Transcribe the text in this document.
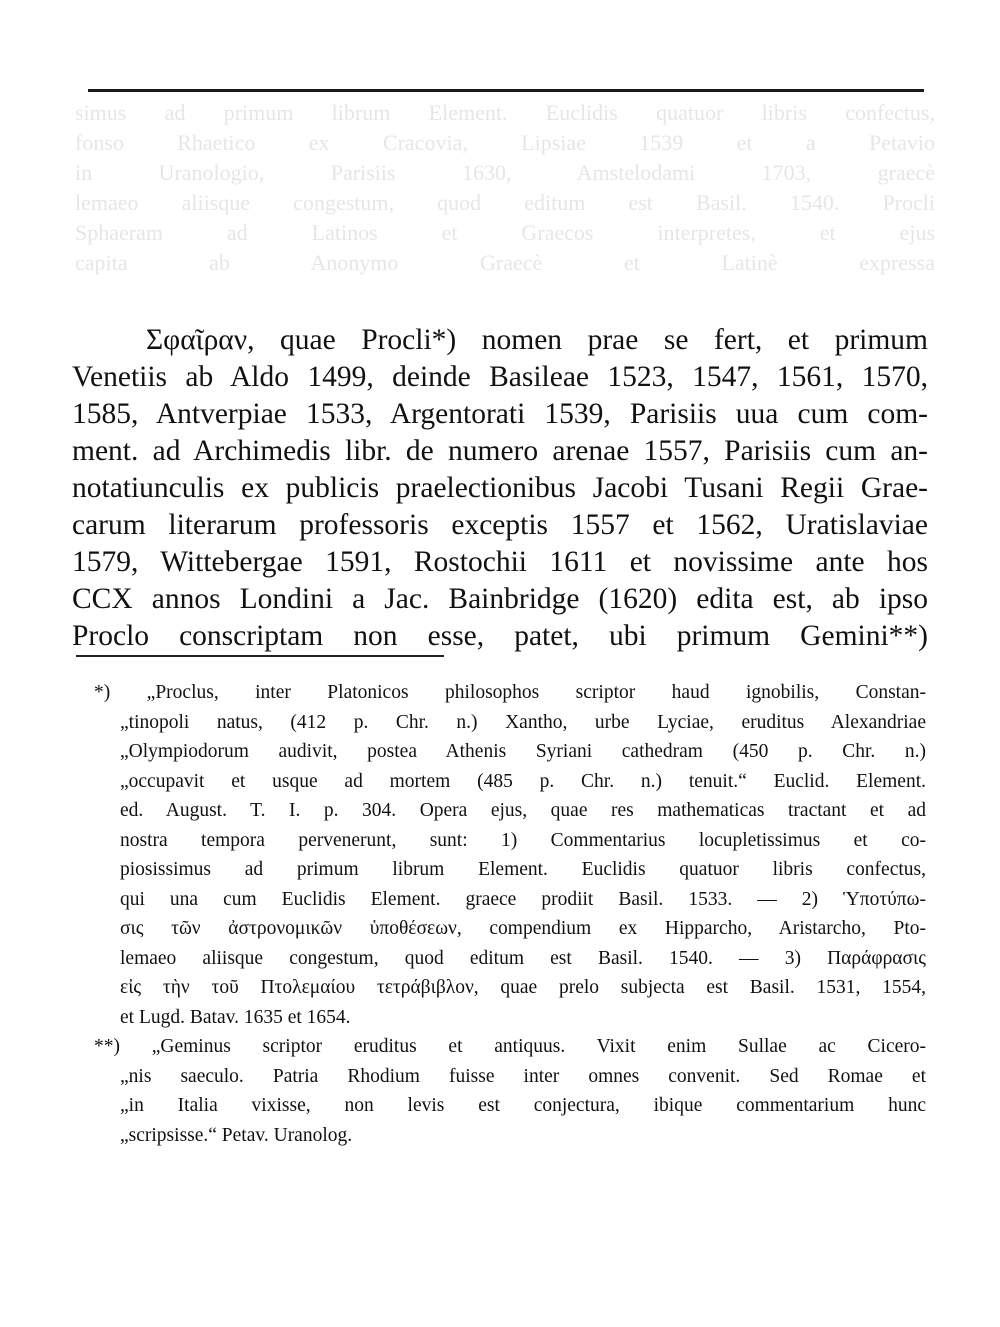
simus ad primum librum Element. Euclidis quatuor libris confectus,
fonso Rhaetico ex Cracovia, Lipsiae 1539 et a Petavio
in Uranologio, Parisiis 1630, Amstelodami 1703, graecè
lemaeo aliisque congestum, quod editum est Basil. 1540. Procli
Sphaeram ad Latinos et Graecos interpretes, et ejus
capita ab Anonymo Graecè et Latinè expressa
Σφαῖραν, quae Procli*) nomen prae se fert, et primum
Venetiis ab Aldo 1499, deinde Basileae 1523, 1547, 1561, 1570,
1585, Antverpiae 1533, Argentorati 1539, Parisiis uua cum com-
ment. ad Archimedis libr. de numero arenae 1557, Parisiis cum an-
notatiunculis ex publicis praelectionibus Jacobi Tusani Regii Grae-
carum literarum professoris exceptis 1557 et 1562, Uratislaviae
1579, Wittebergae 1591, Rostochii 1611 et novissime ante hos
CCX annos Londini a Jac. Bainbridge (1620) edita est, ab ipso
Proclo conscriptam non esse, patet, ubi primum Gemini**)
*) „Proclus, inter Platonicos philosophos scriptor haud ignobilis, Constan-
„tinopoli natus, (412 p. Chr. n.) Xantho, urbe Lyciae, eruditus Alexandriae
„Olympiodorum audivit, postea Athenis Syriani cathedram (450 p. Chr. n.)
„occupavit et usque ad mortem (485 p. Chr. n.) tenuit.“ Euclid. Element.
ed. August. T. I. p. 304. Opera ejus, quae res mathematicas tractant et ad
nostra tempora pervenerunt, sunt: 1) Commentarius locupletissimus et co-
piosissimus ad primum librum Element. Euclidis quatuor libris confectus,
qui una cum Euclidis Element. graece prodiit Basil. 1533. — 2) Ὑποτύπω-
σις τῶν ἀστρονομικῶν ὑποθέσεων, compendium ex Hipparcho, Aristarcho, Pto-
lemaeo aliisque congestum, quod editum est Basil. 1540. — 3) Παράφρασις
εἰς τὴν τοῦ Πτολεμαίου τετράβιβλον, quae prelo subjecta est Basil. 1531, 1554,
et Lugd. Batav. 1635 et 1654.
**) „Geminus scriptor eruditus et antiquus. Vixit enim Sullae ac Cicero-
„nis saeculo. Patria Rhodium fuisse inter omnes convenit. Sed Romae et
„in Italia vixisse, non levis est conjectura, ibique commentarium hunc
„scripsisse.“ Petav. Uranolog.
